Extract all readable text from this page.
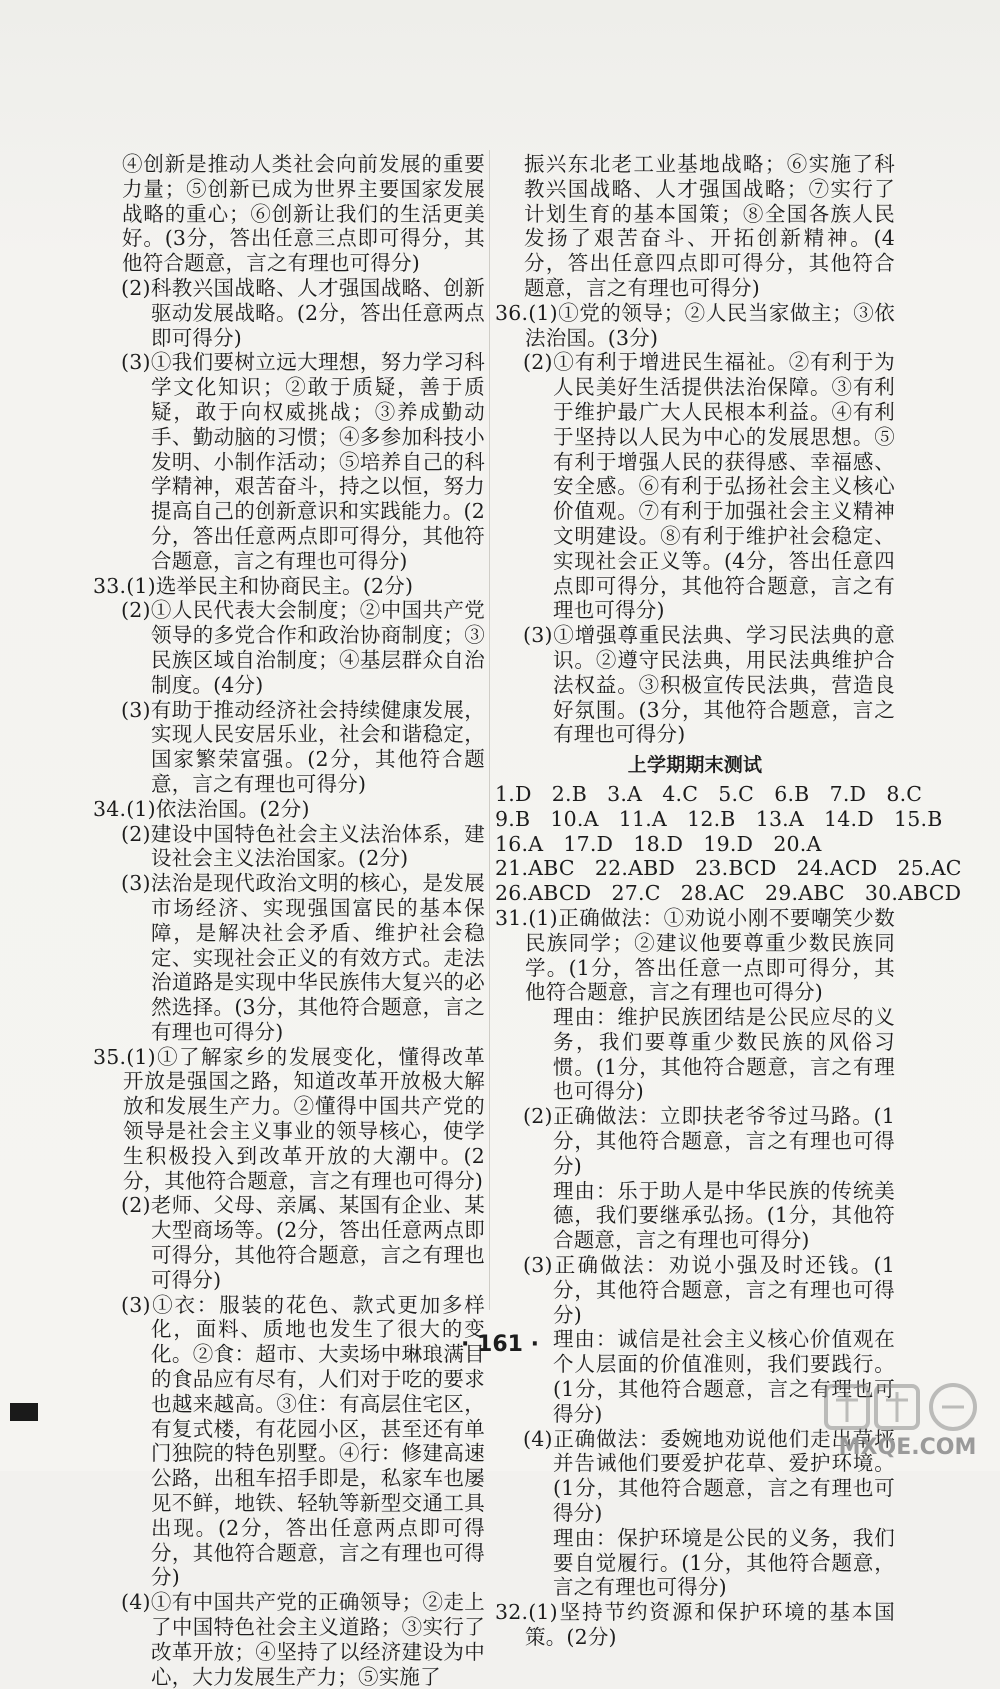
④创新是推动人类社会向前发展的重要力量；⑤创新已成为世界主要国家发展战略的重心；⑥创新让我们的生活更美好。(3分，答出任意三点即可得分，其他符合题意，言之有理也可得分)

(2)科教兴国战略、人才强国战略、创新驱动发展战略。(2分，答出任意两点即可得分)

(3)①我们要树立远大理想，努力学习科学文化知识；②敢于质疑，善于质疑，敢于向权威挑战；③养成勤动手、勤动脑的习惯；④多参加科技小发明、小制作活动；⑤培养自己的科学精神，艰苦奋斗，持之以恒，努力提高自己的创新意识和实践能力。(2分，答出任意两点即可得分，其他符合题意，言之有理也可得分)

33.(1)选举民主和协商民主。(2分)

(2)①人民代表大会制度；②中国共产党领导的多党合作和政治协商制度；③民族区域自治制度；④基层群众自治制度。(4分)

(3)有助于推动经济社会持续健康发展，实现人民安居乐业，社会和谐稳定，国家繁荣富强。(2分，其他符合题意，言之有理也可得分)

34.(1)依法治国。(2分)

(2)建设中国特色社会主义法治体系，建设社会主义法治国家。(2分)

(3)法治是现代政治文明的核心，是发展市场经济、实现强国富民的基本保障，是解决社会矛盾、维护社会稳定、实现社会正义的有效方式。走法治道路是实现中华民族伟大复兴的必然选择。(3分，其他符合题意，言之有理也可得分)

35.(1)①了解家乡的发展变化，懂得改革开放是强国之路，知道改革开放极大解放和发展生产力。②懂得中国共产党的领导是社会主义事业的领导核心，使学生积极投入到改革开放的大潮中。(2分，其他符合题意，言之有理也可得分)

(2)老师、父母、亲属、某国有企业、某大型商场等。(2分，答出任意两点即可得分，其他符合题意，言之有理也可得分)

(3)①衣：服装的花色、款式更加多样化，面料、质地也发生了很大的变化。②食：超市、大卖场中琳琅满目的食品应有尽有，人们对于吃的要求也越来越高。③住：有高层住宅区，有复式楼，有花园小区，甚至还有单门独院的特色别墅。④行：修建高速公路，出租车招手即是，私家车也屡见不鲜，地铁、轻轨等新型交通工具出现。(2分，答出任意两点即可得分，其他符合题意，言之有理也可得分)

(4)①有中国共产党的正确领导；②走上了中国特色社会主义道路；③实行了改革开放；④坚持了以经济建设为中心，大力发展生产力；⑤实施了

振兴东北老工业基地战略；⑥实施了科教兴国战略、人才强国战略；⑦实行了计划生育的基本国策；⑧全国各族人民发扬了艰苦奋斗、开拓创新精神。(4分，答出任意四点即可得分，其他符合题意，言之有理也可得分)

36.(1)①党的领导；②人民当家做主；③依法治国。(3分)

(2)①有利于增进民生福祉。②有利于为人民美好生活提供法治保障。③有利于维护最广大人民根本利益。④有利于坚持以人民为中心的发展思想。⑤有利于增强人民的获得感、幸福感、安全感。⑥有利于弘扬社会主义核心价值观。⑦有利于加强社会主义精神文明建设。⑧有利于维护社会稳定、实现社会正义等。(4分，答出任意四点即可得分，其他符合题意，言之有理也可得分)

(3)①增强尊重民法典、学习民法典的意识。②遵守民法典，用民法典维护合法权益。③积极宣传民法典，营造良好氛围。(3分，其他符合题意，言之有理也可得分)

上学期期末测试

1.D   2.B   3.A   4.C   5.C   6.B   7.D   8.C

9.B   10.A   11.A   12.B   13.A   14.D   15.B

16.A   17.D   18.D   19.D   20.A

21.ABC   22.ABD   23.BCD   24.ACD   25.AC

26.ABCD   27.C   28.AC   29.ABC   30.ABCD

31.(1)正确做法：①劝说小刚不要嘲笑少数民族同学；②建议他要尊重少数民族同学。(1分，答出任意一点即可得分，其他符合题意，言之有理也可得分)

理由：维护民族团结是公民应尽的义务，我们要尊重少数民族的风俗习惯。(1分，其他符合题意，言之有理也可得分)

(2)正确做法：立即扶老爷爷过马路。(1分，其他符合题意，言之有理也可得分)

理由：乐于助人是中华民族的传统美德，我们要继承弘扬。(1分，其他符合题意，言之有理也可得分)

(3)正确做法：劝说小强及时还钱。(1分，其他符合题意，言之有理也可得分)

理由：诚信是社会主义核心价值观在个人层面的价值准则，我们要践行。(1分，其他符合题意，言之有理也可得分)

(4)正确做法：委婉地劝说他们走出草坪并告诫他们要爱护花草、爱护环境。(1分，其他符合题意，言之有理也可得分)

理由：保护环境是公民的义务，我们要自觉履行。(1分，其他符合题意，言之有理也可得分)

32.(1)坚持节约资源和保护环境的基本国策。(2分)

· 161 ·
MXQE.COM
